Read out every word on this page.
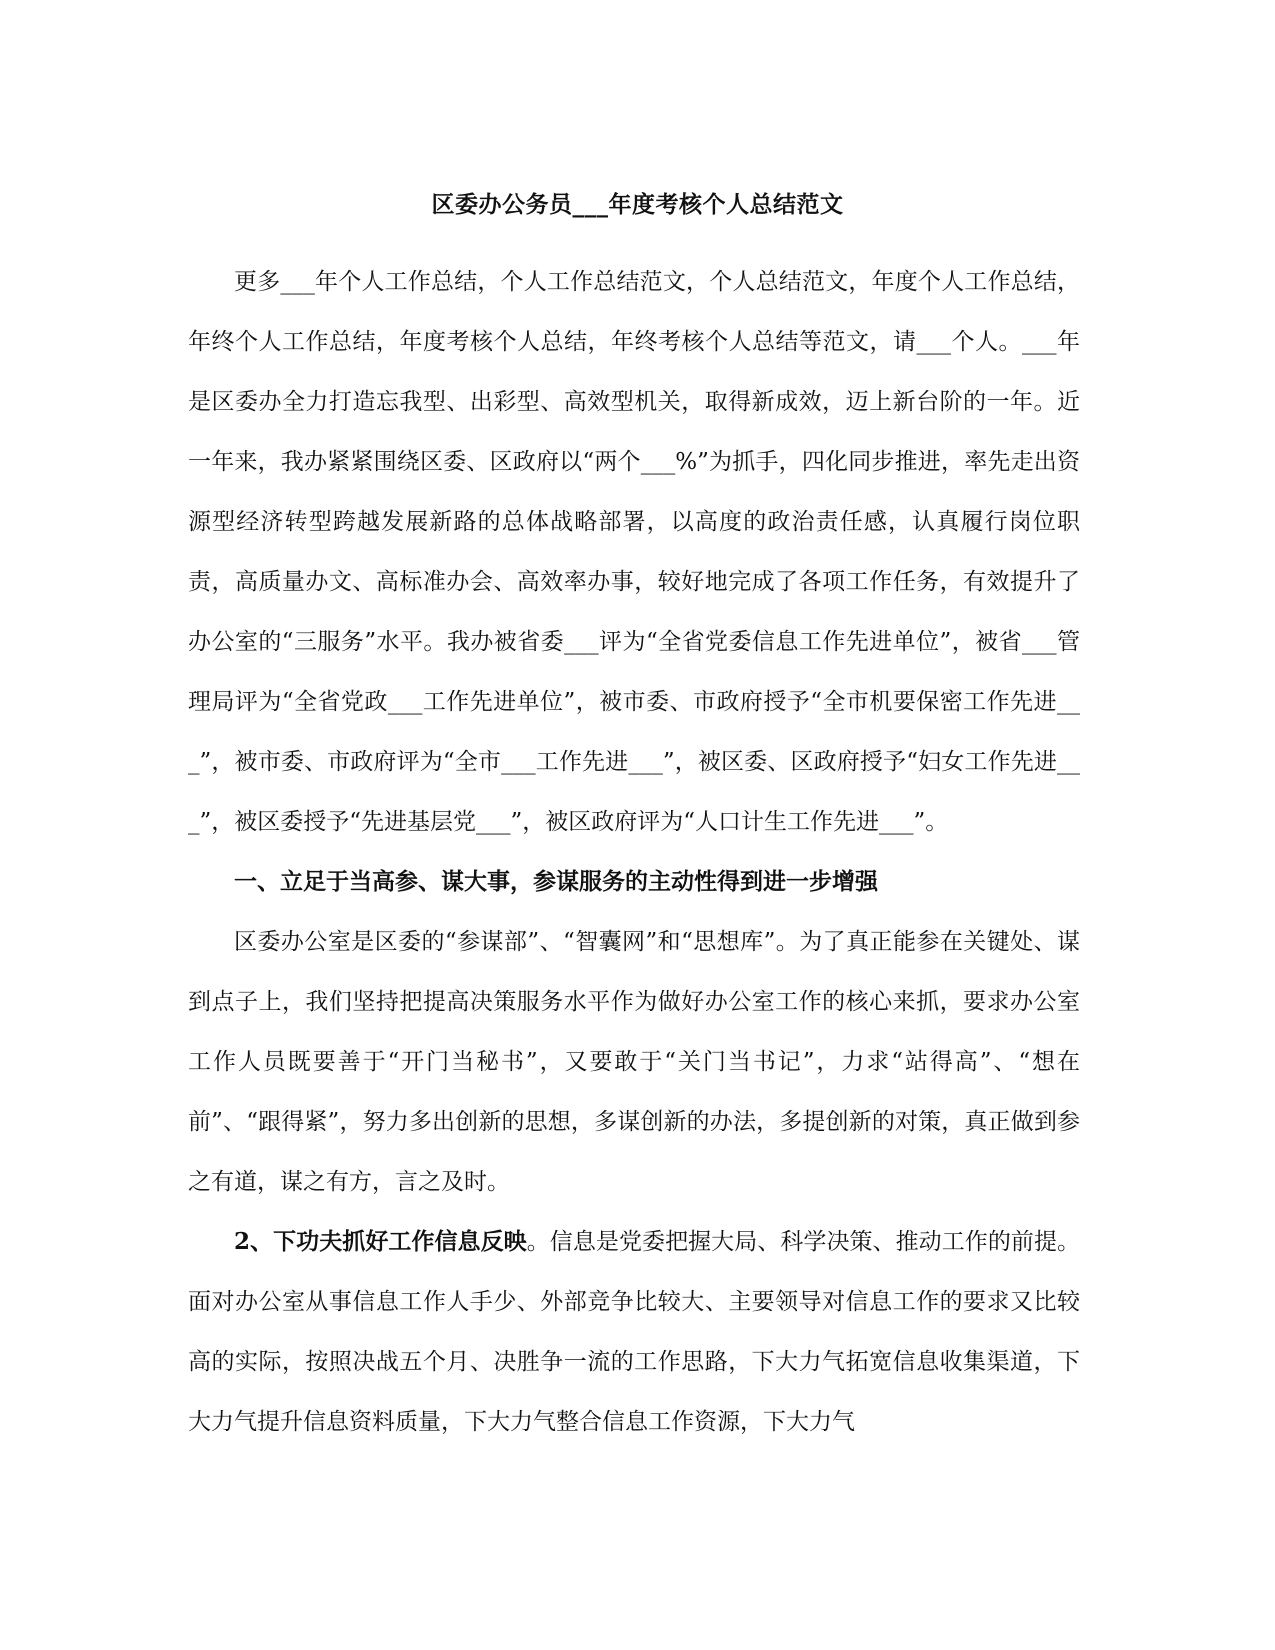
区委办公务员___年度考核个人总结范文

更多___年个人工作总结，个人工作总结范文，个人总结范文，年度个人工作总结，年终个人工作总结，年度考核个人总结，年终考核个人总结等范文，请___个人。___年是区委办全力打造忘我型、出彩型、高效型机关，取得新成效，迈上新台阶的一年。近一年来，我办紧紧围绕区委、区政府以“两个___%”为抓手，四化同步推进，率先走出资源型经济转型跨越发展新路的总体战略部署，以高度的政治责任感，认真履行岗位职责，高质量办文、高标准办会、高效率办事，较好地完成了各项工作任务，有效提升了办公室的“三服务”水平。我办被省委___评为“全省党委信息工作先进单位”，被省___管理局评为“全省党政___工作先进单位”，被市委、市政府授予“全市机要保密工作先进___”，被市委、市政府评为“全市___工作先进___”，被区委、区政府授予“妇女工作先进___”，被区委授予“先进基层党___”，被区政府评为“人口计生工作先进___”。

一、立足于当高参、谋大事，参谋服务的主动性得到进一步增强

区委办公室是区委的“参谋部”、“智囊网”和“思想库”。为了真正能参在关键处、谋到点子上，我们坚持把提高决策服务水平作为做好办公室工作的核心来抓，要求办公室工作人员既要善于“开门当秘书”，又要敢于“关门当书记”，力求“站得高”、“想在前”、“跟得紧”，努力多出创新的思想，多谋创新的办法，多提创新的对策，真正做到参之有道，谋之有方，言之及时。

2、下功夫抓好工作信息反映。信息是党委把握大局、科学决策、推动工作的前提。面对办公室从事信息工作人手少、外部竞争比较大、主要领导对信息工作的要求又比较高的实际，按照决战五个月、决胜争一流的工作思路，下大力气拓宽信息收集渠道，下大力气提升信息资料质量，下大力气整合信息工作资源，下大力气
